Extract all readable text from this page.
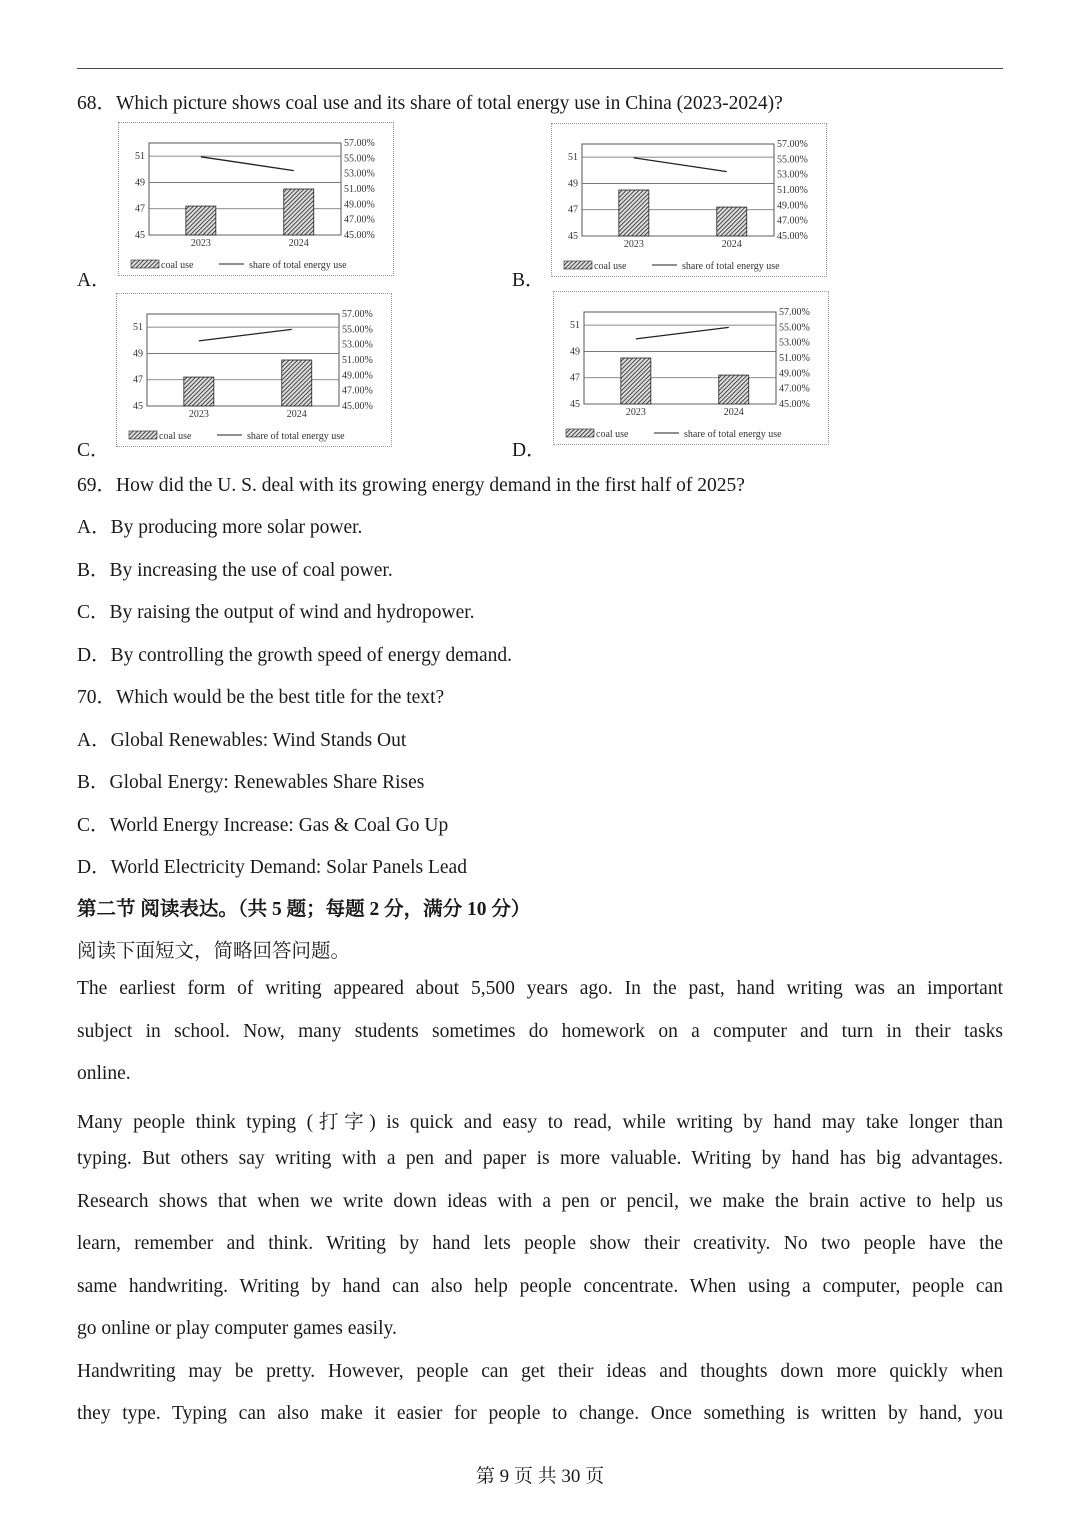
68．Which picture shows coal use and its share of total energy use in China (2023-2024)?
A．	B．
C．	D．
45
47
49
51
45.00%
47.00%
49.00%
51.00%
53.00%
55.00%
57.00%
2023	2024
coal use	share of total energy use
45
47
49
51
45.00%
47.00%
49.00%
51.00%
53.00%
55.00%
57.00%
2023	2024
coal use	share of total energy use
45
47
49
51
45.00%
47.00%
49.00%
51.00%
53.00%
55.00%
57.00%
2023	2024
coal use	share of total energy use
45
47
49
51
45.00%
47.00%
49.00%
51.00%
53.00%
55.00%
57.00%
2023	2024
coal use	share of total energy use
69．How did the U. S. deal with its growing energy demand in the first half of 2025?
A．By producing more solar power.
B．By increasing the use of coal power.
C．By raising the output of wind and hydropower.
D．By controlling the growth speed of energy demand.
70．Which would be the best title for the text?
A．Global Renewables: Wind Stands Out
B．Global Energy: Renewables Share Rises
C．World Energy Increase: Gas & Coal Go Up
D．World Electricity Demand: Solar Panels Lead
第二节 阅读表达。（共 5 题；每题 2 分，满分 10 分）
阅读下面短文，简略回答问题。
The earliest form of writing appeared about 5,500 years ago. In the past, hand writing was an important
subject in school. Now, many students sometimes do homework on a computer and turn in their tasks
online.
Many people think typing (打字) is quick and easy to read, while writing by hand may take longer than
typing. But others say writing with a pen and paper is more valuable. Writing by hand has big advantages.
Research shows that when we write down ideas with a pen or pencil, we make the brain active to help us
learn, remember and think. Writing by hand lets people show their creativity. No two people have the
same handwriting. Writing by hand can also help people concentrate. When using a computer, people can
go online or play computer games easily.
Handwriting may be pretty. However, people can get their ideas and thoughts down more quickly when
they type. Typing can also make it easier for people to change. Once something is written by hand, you
第 9 页 共 30 页
